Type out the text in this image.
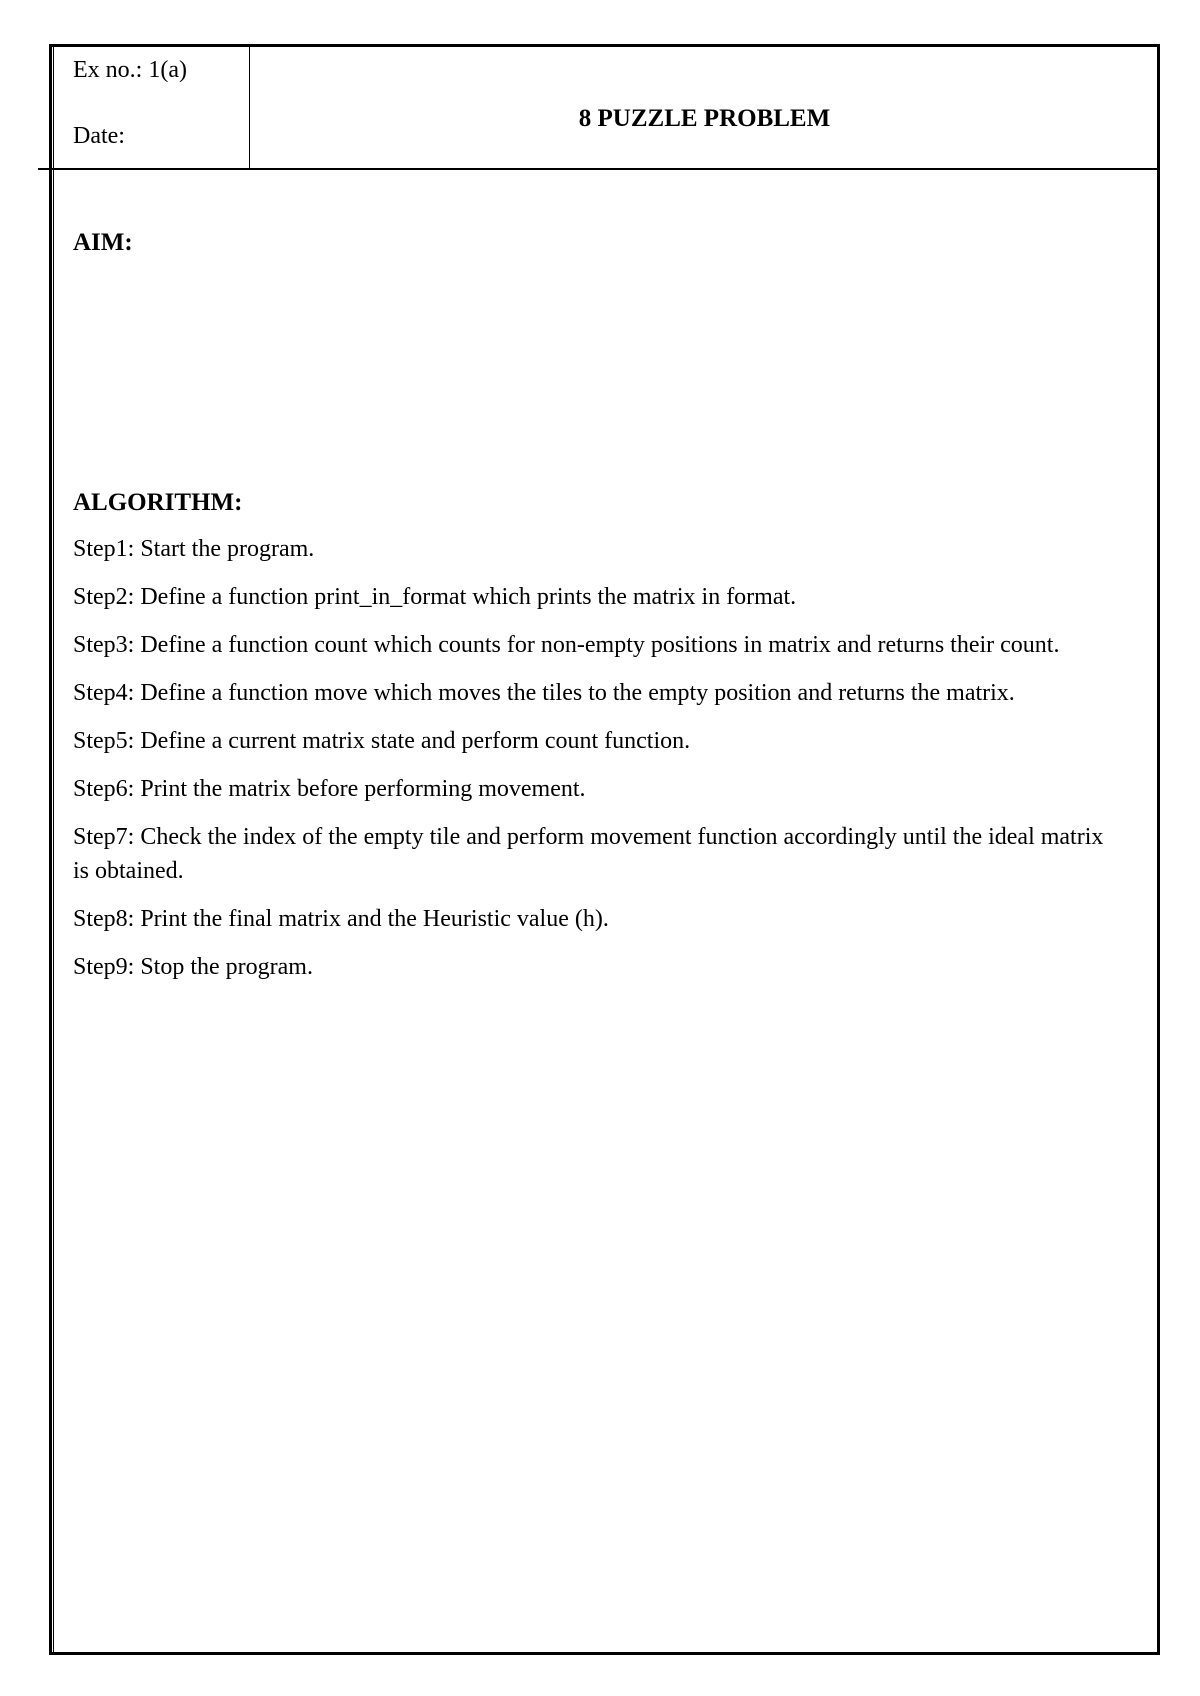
Ex no.: 1(a)
Date:
8 PUZZLE PROBLEM

AIM:

ALGORITHM:

Step1: Start the program.

Step2: Define a function print_in_format which prints the matrix in format.

Step3: Define a function count which counts for non-empty positions in matrix and returns their count.

Step4: Define a function move which moves the tiles to the empty position and returns the matrix.

Step5: Define a current matrix state and perform count function.

Step6: Print the matrix before performing movement.

Step7: Check the index of the empty tile and perform movement function accordingly until the ideal matrix is obtained.

Step8: Print the final matrix and the Heuristic value (h).

Step9: Stop the program.
